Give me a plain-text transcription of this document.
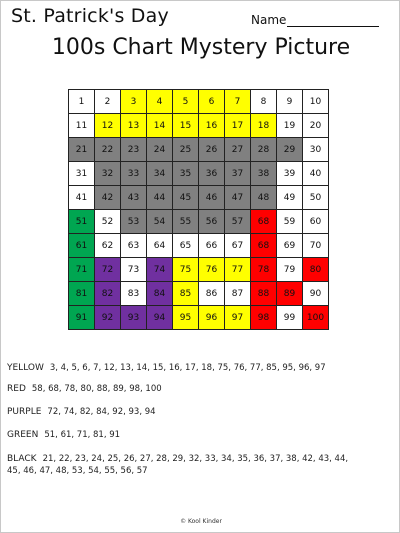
St. Patrick's Day	Name
100s Chart Mystery Picture
1	2	3	4	5	6	7	8	9	10
11	12	13	14	15	16	17	18	19	20
21	22	23	24	25	26	27	28	29	30
31	32	33	34	35	36	37	38	39	40
41	42	43	44	45	46	47	48	49	50
51	52	53	54	55	56	57	68	59	60
61	62	63	64	65	66	67	68	69	70
71	72	73	74	75	76	77	78	79	80
81	82	83	84	85	86	87	88	89	90
91	92	93	94	95	96	97	98	99	100
YELLOW 3, 4, 5, 6, 7, 12, 13, 14, 15, 16, 17, 18, 75, 76, 77, 85, 95, 96, 97
RED 58, 68, 78, 80, 88, 89, 98, 100
PURPLE 72, 74, 82, 84, 92, 93, 94
GREEN 51, 61, 71, 81, 91
BLACK 21, 22, 23, 24, 25, 26, 27, 28, 29, 32, 33, 34, 35, 36, 37, 38, 42, 43, 44, 45, 46, 47, 48, 53, 54, 55, 56, 57
© Kool Kinder
